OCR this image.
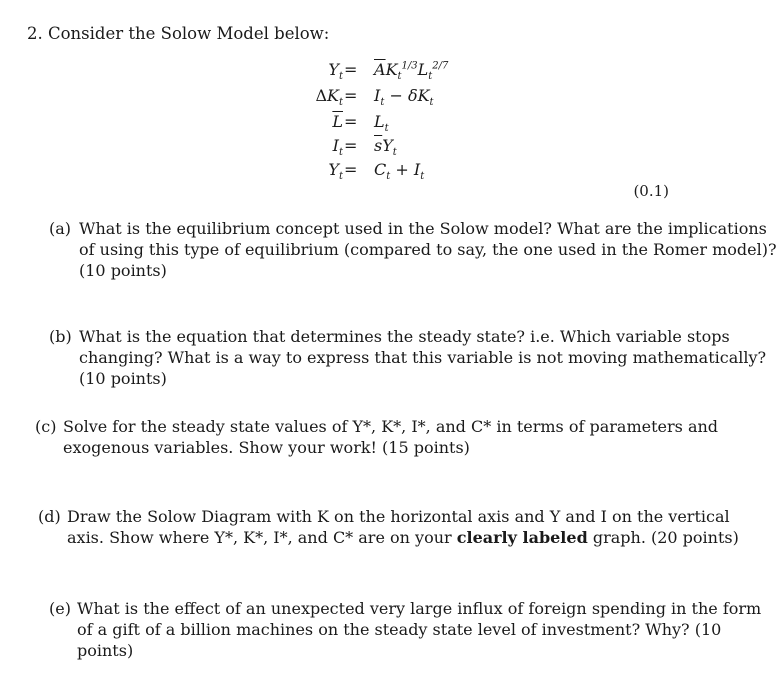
2. Consider the Solow Model below:
$Y_t = \overline{A}K_t^{1/3}L_t^{2/7}$
$\Delta K_t = I_t - \delta K_t$
$\overline{L} = L_t$
$I_t = \overline{s}Y_t$
$Y_t = C_t + I_t$
(0.1)
(a) What is the equilibrium concept used in the Solow model? What are the implications
of using this type of equilibrium (compared to say, the one used in the Romer model)?
(10 points)
(b) What is the equation that determines the steady state? i.e. Which variable stops
changing? What is a way to express that this variable is not moving mathematically?
(10 points)
(c) Solve for the steady state values of Y*, K*, I*, and C* in terms of parameters and
exogenous variables. Show your work! (15 points)
(d) Draw the Solow Diagram with K on the horizontal axis and Y and I on the vertical
axis. Show where Y*, K*, I*, and C* are on your clearly labeled graph. (20 points)
(e) What is the effect of an unexpected very large influx of foreign spending in the form
of a gift of a billion machines on the steady state level of investment? Why? (10
points)
